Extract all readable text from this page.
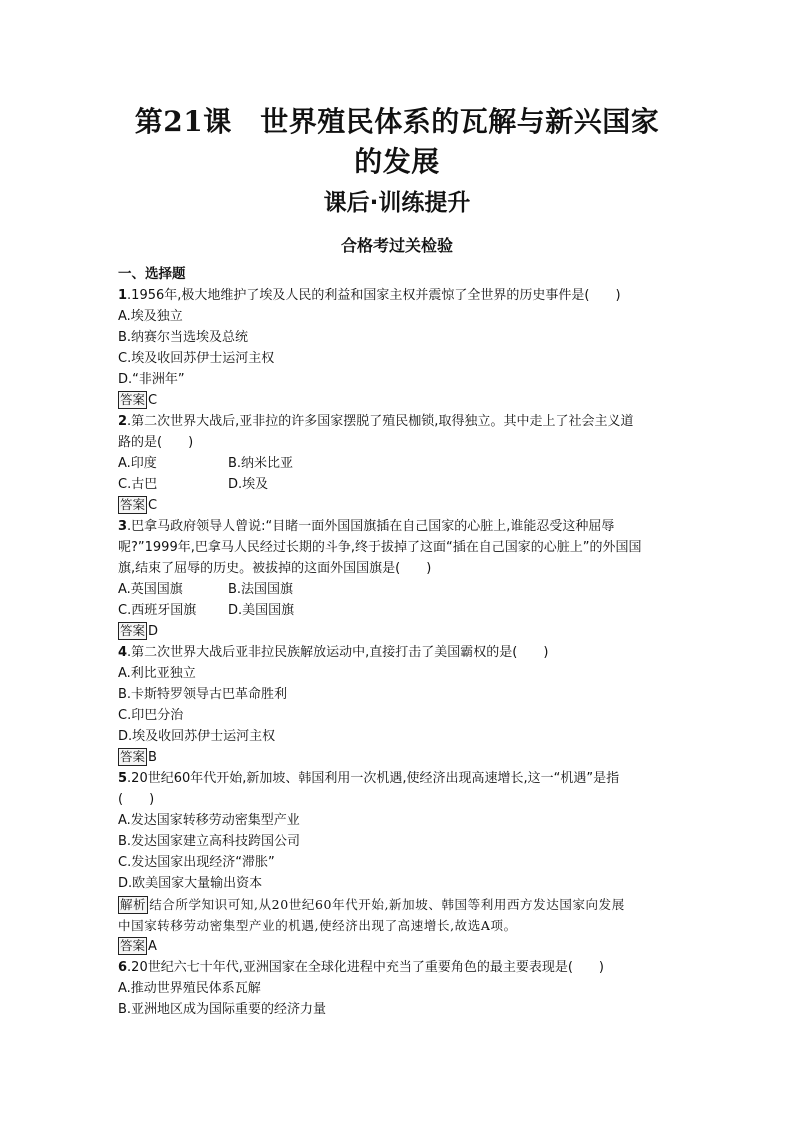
第21课　世界殖民体系的瓦解与新兴国家
的发展
课后·训练提升
合格考过关检验
一、选择题
1.1956年,极大地维护了埃及人民的利益和国家主权并震惊了全世界的历史事件是(　　)
A.埃及独立
B.纳赛尔当选埃及总统
C.埃及收回苏伊士运河主权
D.“非洲年”
答案 C
2.第二次世界大战后,亚非拉的许多国家摆脱了殖民枷锁,取得独立。其中走上了社会主义道
路的是(　　)
A.印度	B.纳米比亚
C.古巴	D.埃及
答案 C
3.巴拿马政府领导人曾说:“目睹一面外国国旗插在自己国家的心脏上,谁能忍受这种屈辱
呢?”1999年,巴拿马人民经过长期的斗争,终于拔掉了这面“插在自己国家的心脏上”的外国国
旗,结束了屈辱的历史。被拔掉的这面外国国旗是(　　)
A.英国国旗	B.法国国旗
C.西班牙国旗 D.美国国旗
答案 D
4.第二次世界大战后亚非拉民族解放运动中,直接打击了美国霸权的是(　　)
A.利比亚独立
B.卡斯特罗领导古巴革命胜利
C.印巴分治
D.埃及收回苏伊士运河主权
答案 B
5.20世纪60年代开始,新加坡、韩国利用一次机遇,使经济出现高速增长,这一“机遇”是指
(　　)
A.发达国家转移劳动密集型产业
B.发达国家建立高科技跨国公司
C.发达国家出现经济“滞胀”
D.欧美国家大量输出资本
解析 结合所学知识可知,从20世纪60年代开始,新加坡、韩国等利用西方发达国家向发展
中国家转移劳动密集型产业的机遇,使经济出现了高速增长,故选A项。
答案 A
6.20世纪六七十年代,亚洲国家在全球化进程中充当了重要角色的最主要表现是(　　)
A.推动世界殖民体系瓦解
B.亚洲地区成为国际重要的经济力量
